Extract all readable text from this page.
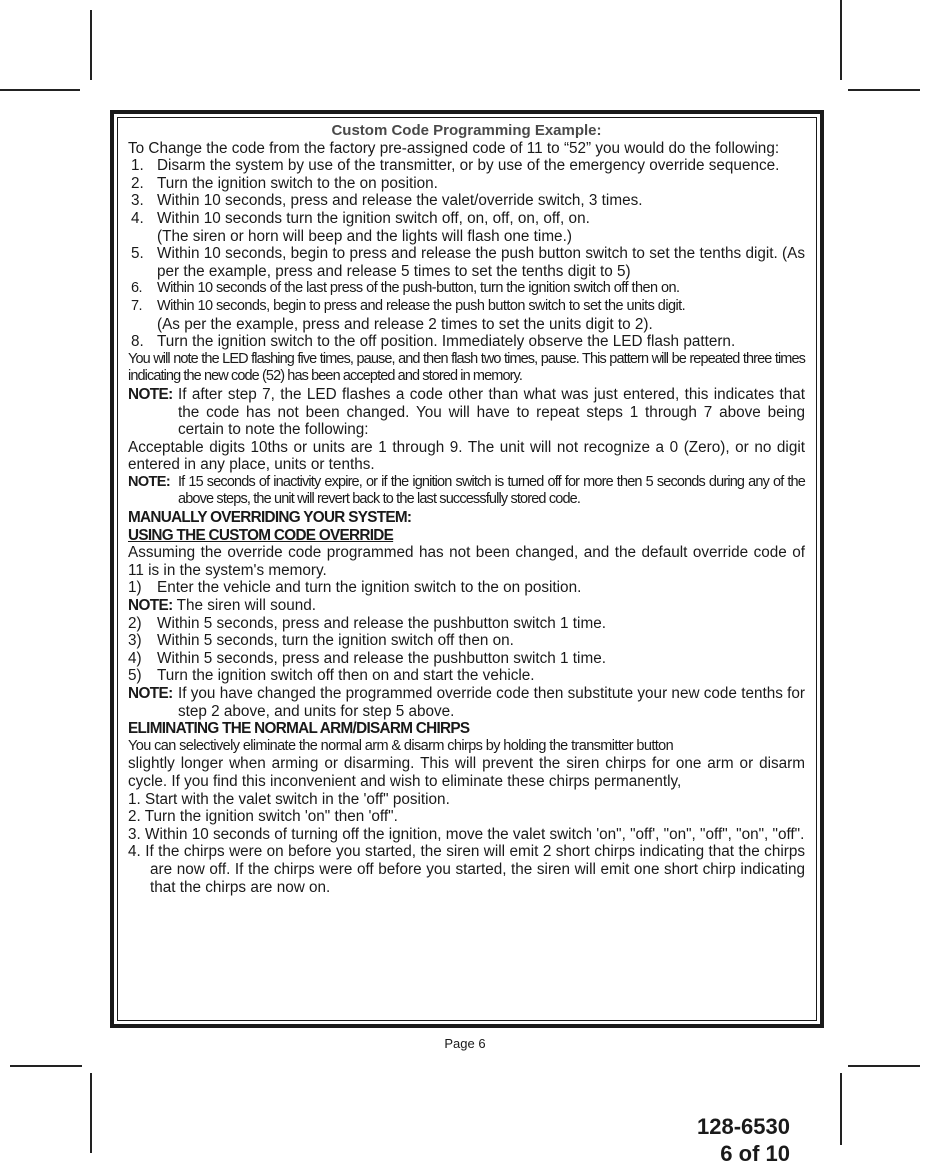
Custom Code Programming Example:

To Change the code from the factory pre-assigned code of 11 to “52” you would do the following:

1. Disarm the system by use of the transmitter, or by use of the emergency override sequence.
2. Turn the ignition switch to the on position.
3. Within 10 seconds, press and release the valet/override switch, 3 times.
4. Within 10 seconds turn the ignition switch off, on, off, on, off, on.

(The siren or horn will beep and the lights will flash one time.)

5. Within 10 seconds, begin to press and release the push button switch to set the tenths digit. (As per the example, press and release 5 times to set the tenths digit to 5)
6.	Within 10 seconds of the last press of the push-button, turn the ignition switch off then on.
7.	Within 10 seconds, begin to press and release the push button switch to set the units digit.

(As per the example, press and release 2 times to set the units digit to 2).

8. Turn the ignition switch to the off position. Immediately observe the LED flash pattern.

You will note the LED flashing five times, pause, and then flash two times, pause. This pattern will be repeated three times indicating the new code (52) has been accepted and stored in memory.

NOTE: If after step 7, the LED flashes a code other than what was just entered, this indicates that the code has not been changed. You will have to repeat steps 1 through 7 above being certain to note the following:

Acceptable digits 10ths or units are 1 through 9. The unit will not recognize a 0 (Zero), or no digit entered in any place, units or tenths.

NOTE: If 15 seconds of inactivity expire, or if the ignition switch is turned off for more then 5 seconds during any of the above steps, the unit will revert back to the last successfully stored code.

MANUALLY OVERRIDING YOUR SYSTEM:

USING THE CUSTOM CODE OVERRIDE

Assuming the override code programmed has not been changed, and the default override code of 11 is in the system's memory.

1)	Enter the vehicle and turn the ignition switch to the on position.
NOTE: The siren will sound.
2)	Within 5 seconds, press and release the pushbutton switch 1 time.
3)	Within 5 seconds, turn the ignition switch off then on.
4)	Within 5 seconds, press and release the pushbutton switch 1 time.
5)	Turn the ignition switch off then on and start the vehicle.
NOTE: If you have changed the programmed override code then substitute your new code tenths for step 2 above, and units for step 5 above.

ELIMINATING THE NORMAL ARM/DISARM CHIRPS

You can selectively eliminate the normal arm & disarm chirps by holding the transmitter button

slightly longer when arming or disarming. This will prevent the siren chirps for one arm or disarm cycle. If you find this inconvenient and wish to eliminate these chirps permanently,

1. Start with the valet switch in the 'off" position.

2. Turn the ignition switch 'on" then 'off".

3. Within 10 seconds of turning off the ignition, move the valet switch 'on", "off', "on", "off", "on", "off".

4. If the chirps were on before you started, the siren will emit 2 short chirps indicating that the chirps are now off. If the chirps were off before you started, the siren will emit one short chirp indicating that the chirps are now on.

Page 6
128-6530
6 of 10
